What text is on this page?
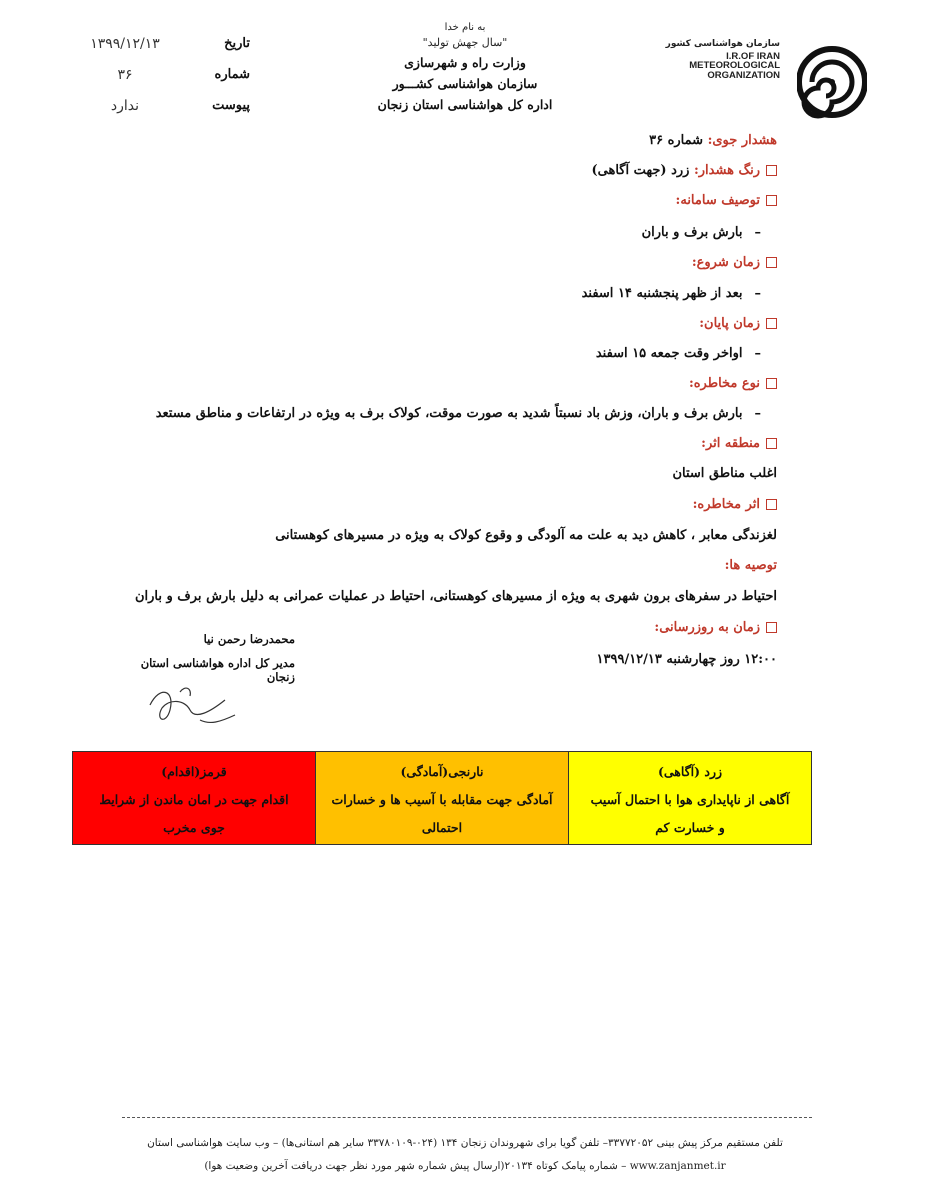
تاریخ
۱۳۹۹/۱۲/۱۳
شماره
۳۶
پیوست
ندارد
به نام خدا
"سال جهش تولید"
وزارت راه و شهرسازی
سازمان هواشناسی کشـــور
اداره کل هواشناسی استان زنجان
سازمان هواشناسی کشور
I.R.OF IRAN
METEOROLOGICAL
ORGANIZATION
هشدار جوی: شماره ۳۶
رنگ هشدار: زرد (جهت آگاهی)
توصیف سامانه:
–بارش برف و باران
زمان شروع:
–بعد از ظهر پنجشنبه ۱۴ اسفند
زمان پایان:
–اواخر وقت جمعه ۱۵ اسفند
نوع مخاطره:
–بارش برف و باران، وزش باد نسبتاً شدید به صورت موقت، کولاک برف به ویژه در ارتفاعات و مناطق مستعد
منطقه اثر:
اغلب مناطق استان
اثر مخاطره:
لغزندگی معابر ، کاهش دید به علت مه آلودگی و وقوع کولاک به ویژه در مسیرهای کوهستانی
توصیه ها:
احتیاط در سفرهای برون شهری به ویژه از مسیرهای کوهستانی، احتیاط در عملیات عمرانی به دلیل بارش برف و باران
زمان به روزرسانی:
۱۲:۰۰ روز چهارشنبه ۱۳۹۹/۱۲/۱۳
محمدرضا رحمن نیا
مدیر کل اداره هواشناسی استان زنجان
زرد (آگاهی)
آگاهی از ناپایداری هوا با احتمال آسیب
و خسارت کم
نارنجی(آمادگی)
آمادگی جهت مقابله با آسیب ها و خسارات
احتمالی
قرمز(اقدام)
اقدام جهت در امان ماندن از شرایط
جوی مخرب
تلفن مستقیم مرکز پیش بینی ۳۳۷۷۲۰۵۲– تلفن گویا برای شهروندان زنجان ۱۳۴ (۰۲۴-۳۳۷۸۰۱۰۹ سایر هم استانی‌ها) – وب سایت هواشناسی استان
www.zanjanmet.ir – شماره پیامک کوتاه ۲۰۱۳۴(ارسال پیش شماره شهر مورد نظر جهت دریافت آخرین وضعیت هوا)
